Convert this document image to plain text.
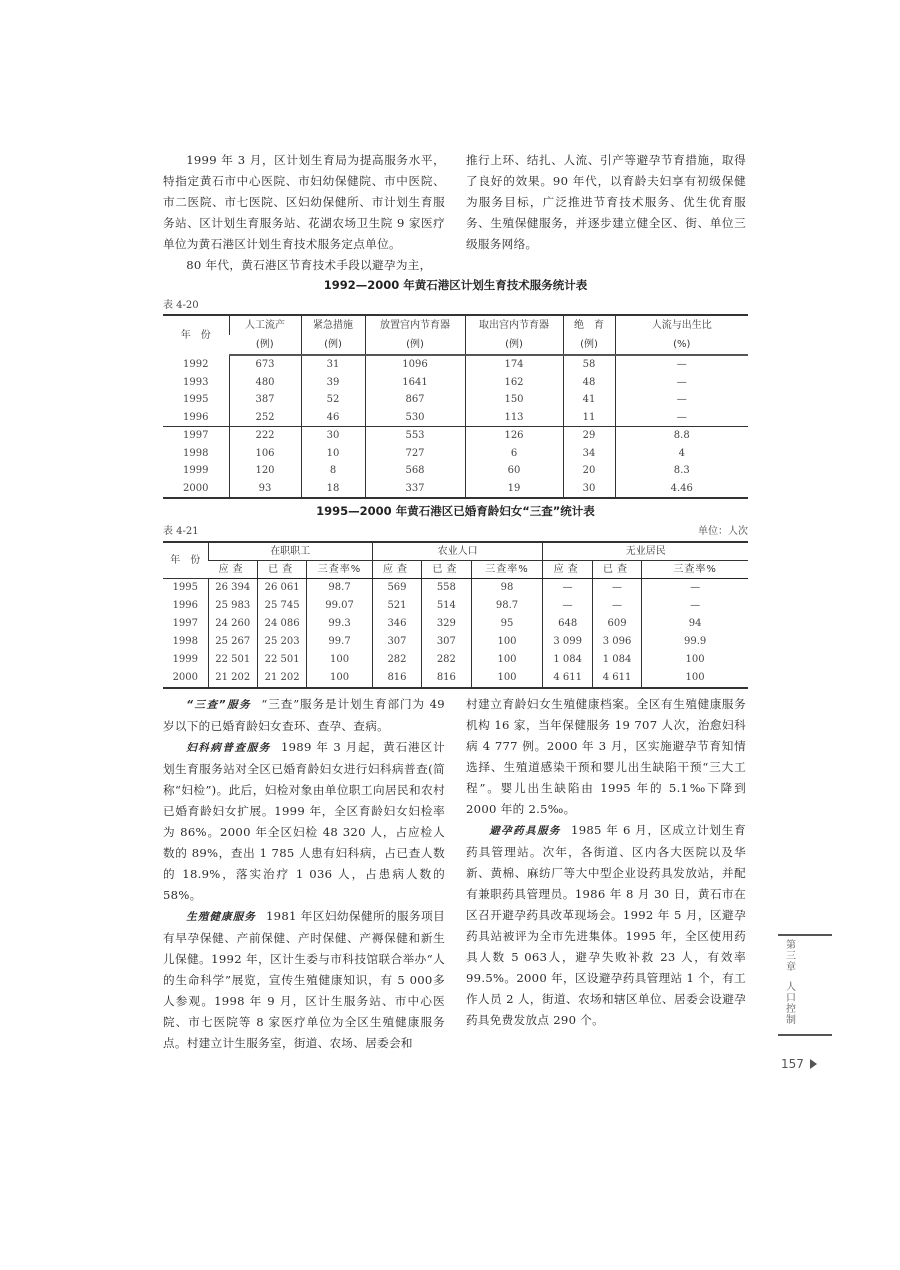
1999 年 3 月，区计划生育局为提高服务水平，特指定黄石市中心医院、市妇幼保健院、市中医院、市二医院、市七医院、区妇幼保健所、市计划生育服务站、区计划生育服务站、花湖农场卫生院 9 家医疗单位为黄石港区计划生育技术服务定点单位。

80 年代，黄石港区节育技术手段以避孕为主，

推行上环、结扎、人流、引产等避孕节育措施，取得了良好的效果。90 年代，以育龄夫妇享有初级保健为服务目标，广泛推进节育技术服务、优生优育服务、生殖保健服务，并逐步建立健全区、街、单位三级服务网络。

1992—2000 年黄石港区计划生育技术服务统计表
表 4-20
年　份	人工流产	紧急措施	放置宫内节育器	取出宫内节育器	绝　育	人流与出生比
	(例)	(例)	(例)	(例)	(例)	(%)
1992	673	31	1096	174	58	—
1993	480	39	1641	162	48	—
1995	387	52	867	150	41	—
1996	252	46	530	113	11	—
1997	222	30	553	126	29	8.8
1998	106	10	727	6	34	4
1999	120	8	568	60	20	8.3
2000	93	18	337	19	30	4.46
1995—2000 年黄石港区已婚育龄妇女“三查”统计表
表 4-21	单位：人次
年　份	在职职工			农业人口			无业居民		
	应查	已查	三查率%	应查	已查	三查率%	应查	已查	三查率%
1995	26 394	26 061	98.7	569	558	98	—	—	—
1996	25 983	25 745	99.07	521	514	98.7	—	—	—
1997	24 260	24 086	99.3	346	329	95	648	609	94
1998	25 267	25 203	99.7	307	307	100	3 099	3 096	99.9
1999	22 501	22 501	100	282	282	100	1 084	1 084	100
2000	21 202	21 202	100	816	816	100	4 611	4 611	100

“三查”服务 “三查”服务是计划生育部门为 49 岁以下的已婚育龄妇女查环、查孕、查病。

妇科病普查服务 1989 年 3 月起，黄石港区计划生育服务站对全区已婚育龄妇女进行妇科病普查(简称“妇检”)。此后，妇检对象由单位职工向居民和农村已婚育龄妇女扩展。1999 年，全区育龄妇女妇检率为 86%。2000 年全区妇检 48 320 人，占应检人数的 89%，查出 1 785 人患有妇科病，占已查人数的 18.9%，落实治疗 1 036 人，占患病人数的 58%。

生殖健康服务 1981 年区妇幼保健所的服务项目有早孕保健、产前保健、产时保健、产褥保健和新生儿保健。1992 年，区计生委与市科技馆联合举办“人的生命科学”展览，宣传生殖健康知识，有 5 000多人参观。1998 年 9 月，区计生服务站、市中心医院、市七医院等 8 家医疗单位为全区生殖健康服务点。村建立计生服务室，街道、农场、居委会和

村建立育龄妇女生殖健康档案。全区有生殖健康服务机构 16 家，当年保健服务 19 707 人次，治愈妇科病 4 777 例。2000 年 3 月，区实施避孕节育知情选择、生殖道感染干预和婴儿出生缺陷干预“三大工程”。婴儿出生缺陷由 1995 年的 5.1‰下降到 2000 年的 2.5‰。

避孕药具服务 1985 年 6 月，区成立计划生育药具管理站。次年，各街道、区内各大医院以及华新、黄棉、麻纺厂等大中型企业设药具发放站，并配有兼职药具管理员。1986 年 8 月 30 日，黄石市在区召开避孕药具改革现场会。1992 年 5 月，区避孕药具站被评为全市先进集体。1995 年，全区使用药具人数 5 063人，避孕失败补救 23 人，有效率 99.5%。2000 年，区设避孕药具管理站 1 个，有工作人员 2 人，街道、农场和辖区单位、居委会设避孕药具免费发放点 290 个。

第三章
人口控制
157
